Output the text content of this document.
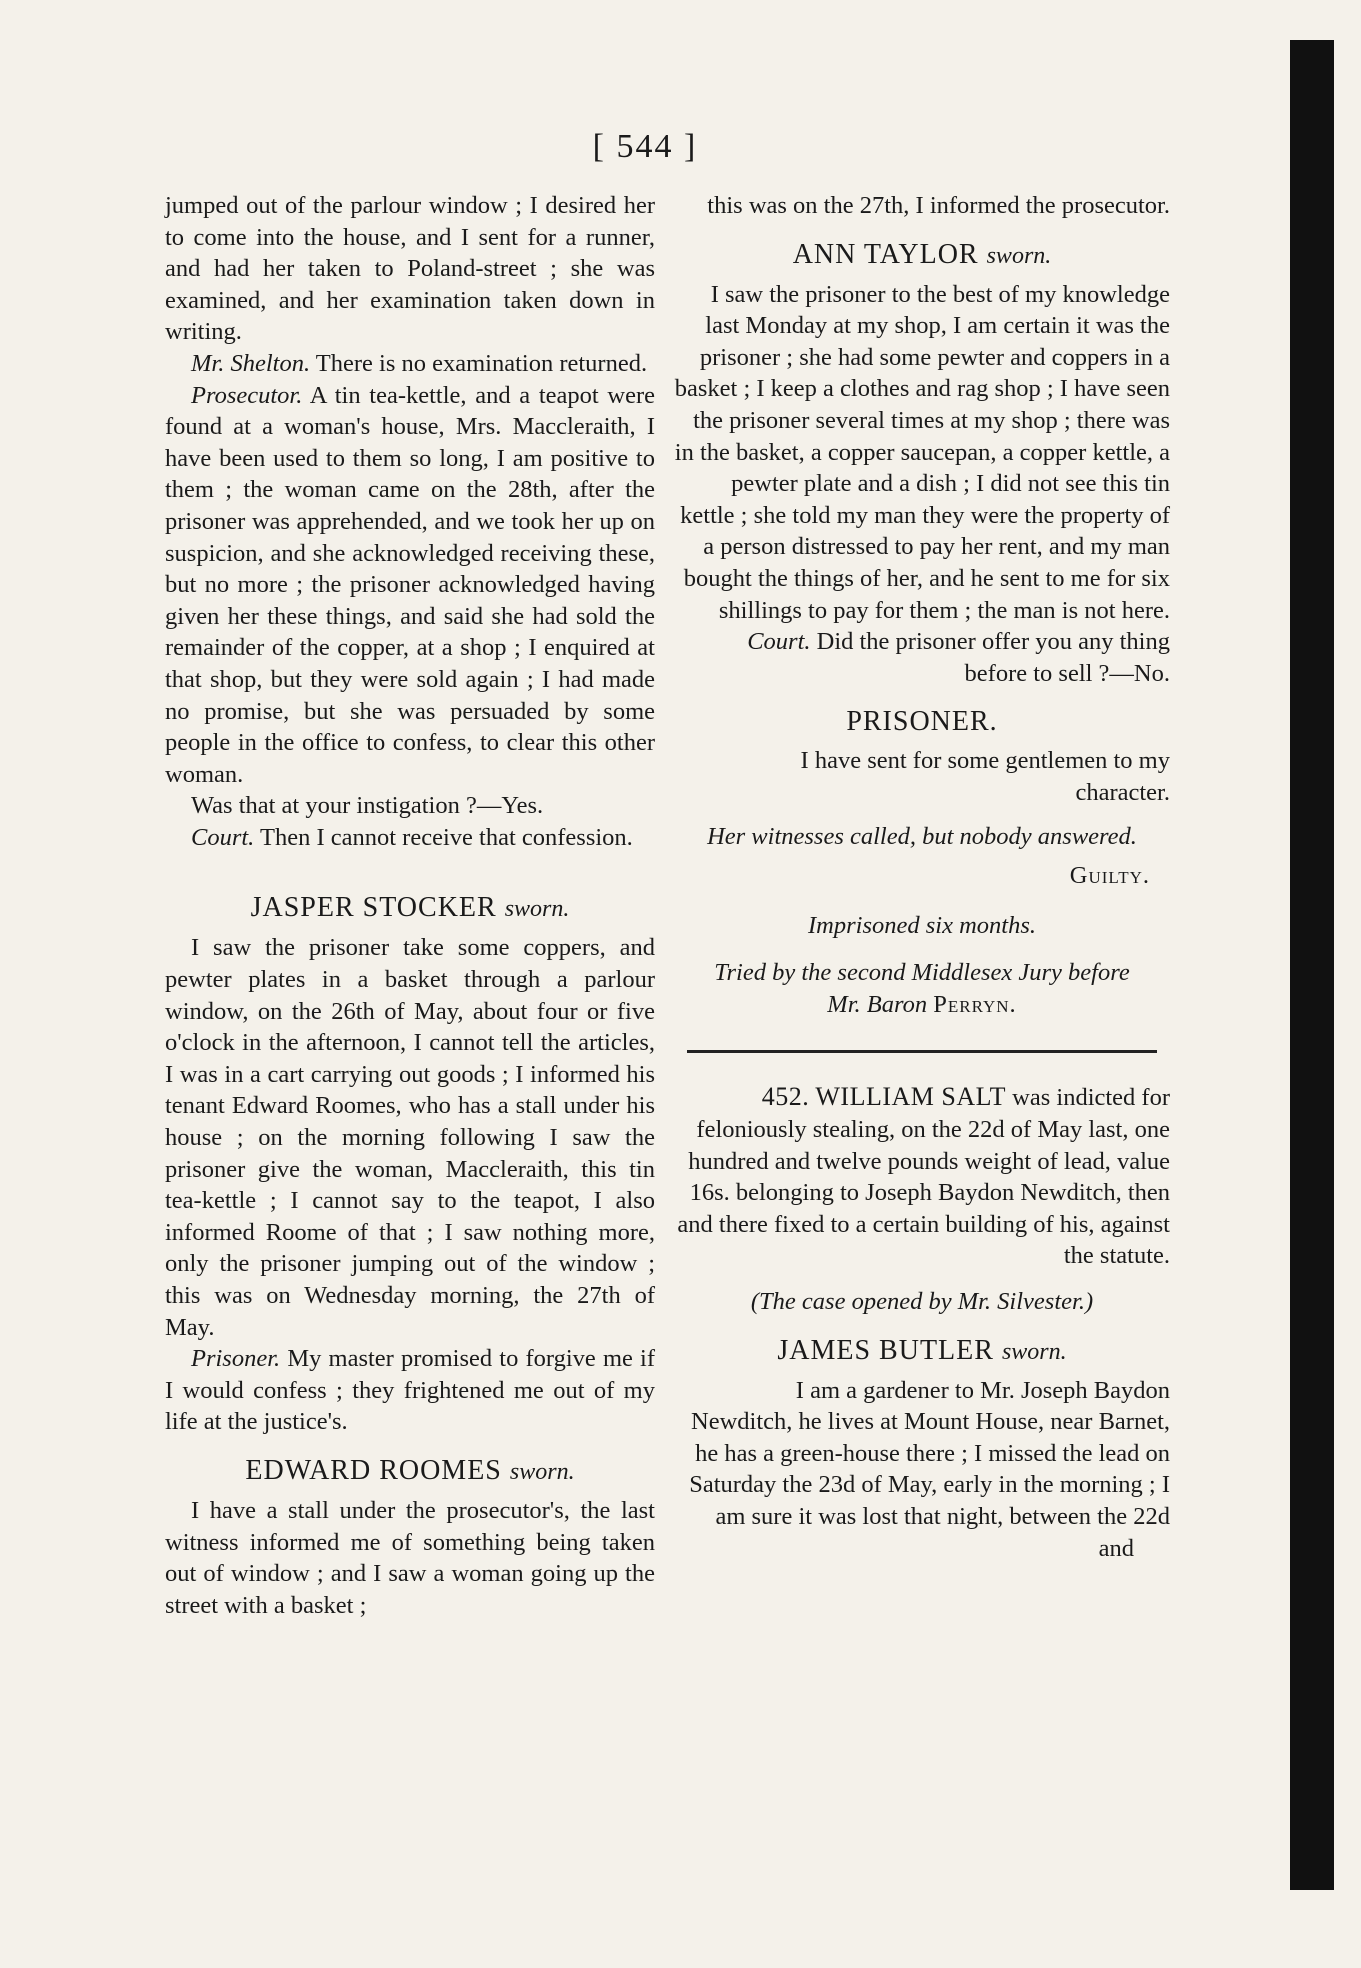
[ 544 ]

jumped out of the parlour window ; I desired her to come into the house, and I sent for a runner, and had her taken to Poland-street ; she was examined, and her examination taken down in writing.

Mr. Shelton. There is no examination returned.

Prosecutor. A tin tea-kettle, and a teapot were found at a woman's house, Mrs. Maccleraith, I have been used to them so long, I am positive to them ; the woman came on the 28th, after the prisoner was apprehended, and we took her up on suspicion, and she acknowledged receiving these, but no more ; the prisoner acknowledged having given her these things, and said she had sold the remainder of the copper, at a shop ; I enquired at that shop, but they were sold again ; I had made no promise, but she was persuaded by some people in the office to confess, to clear this other woman.

Was that at your instigation ?—Yes.

Court. Then I cannot receive that confession.

JASPER STOCKER sworn.

I saw the prisoner take some coppers, and pewter plates in a basket through a parlour window, on the 26th of May, about four or five o'clock in the afternoon, I cannot tell the articles, I was in a cart carrying out goods ; I informed his tenant Edward Roomes, who has a stall under his house ; on the morning following I saw the prisoner give the woman, Maccleraith, this tin tea-kettle ; I cannot say to the teapot, I also informed Roome of that ; I saw nothing more, only the prisoner jumping out of the window ; this was on Wednesday morning, the 27th of May.

Prisoner. My master promised to forgive me if I would confess ; they frightened me out of my life at the justice's.

EDWARD ROOMES sworn.

I have a stall under the prosecutor's, the last witness informed me of something being taken out of window ; and I saw a woman going up the street with a basket ;

this was on the 27th, I informed the prosecutor.

ANN TAYLOR sworn.

I saw the prisoner to the best of my knowledge last Monday at my shop, I am certain it was the prisoner ; she had some pewter and coppers in a basket ; I keep a clothes and rag shop ; I have seen the prisoner several times at my shop ; there was in the basket, a copper saucepan, a copper kettle, a pewter plate and a dish ; I did not see this tin kettle ; she told my man they were the property of a person distressed to pay her rent, and my man bought the things of her, and he sent to me for six shillings to pay for them ; the man is not here.

Court. Did the prisoner offer you any thing before to sell ?—No.

PRISONER.

I have sent for some gentlemen to my character.

Her witnesses called, but nobody answered.

Guilty.

Imprisoned six months.

Tried by the second Middlesex Jury before

Mr. Baron Perryn.

452. WILLIAM SALT was indicted for feloniously stealing, on the 22d of May last, one hundred and twelve pounds weight of lead, value 16s. belonging to Joseph Baydon Newditch, then and there fixed to a certain building of his, against the statute.

(The case opened by Mr. Silvester.)

JAMES BUTLER sworn.

I am a gardener to Mr. Joseph Baydon Newditch, he lives at Mount House, near Barnet, he has a green-house there ; I missed the lead on Saturday the 23d of May, early in the morning ; I am sure it was lost that night, between the 22d

and
